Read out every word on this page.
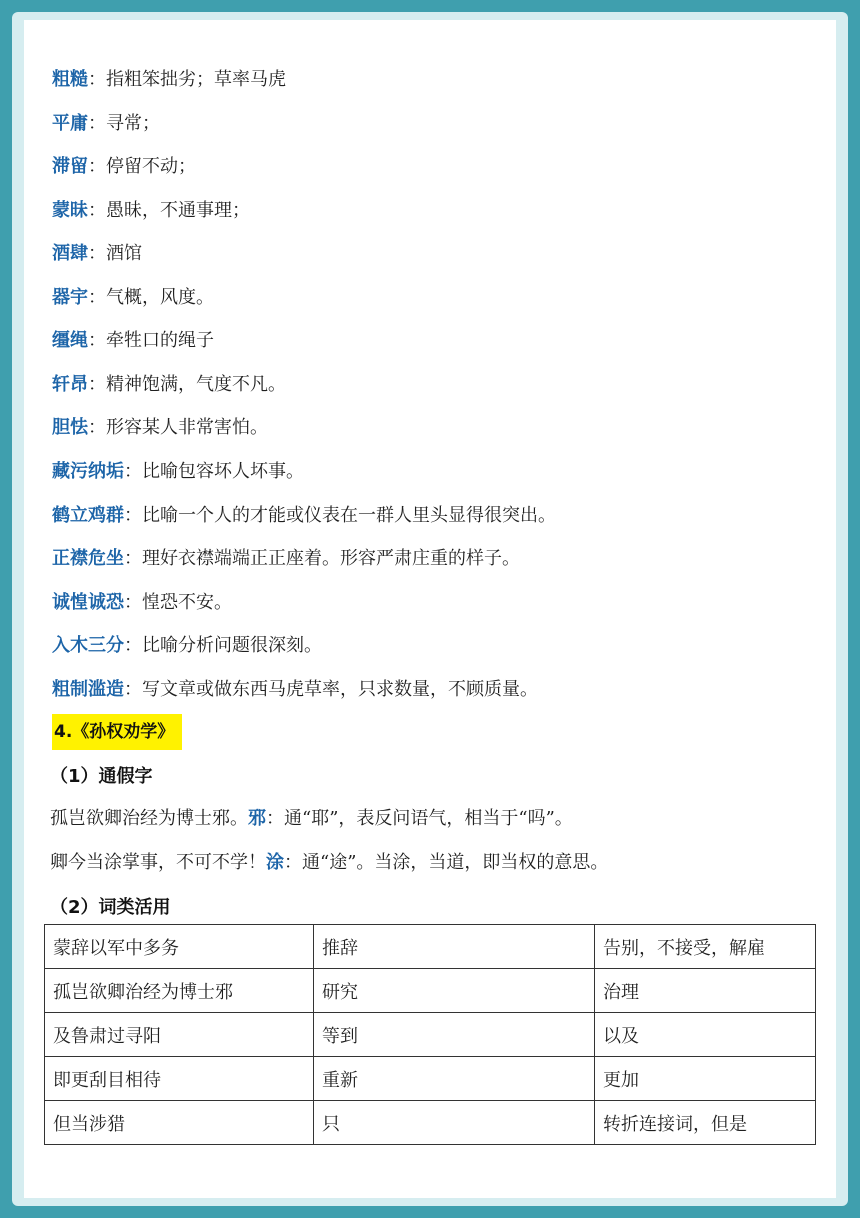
粗糙：指粗笨拙劣；草率马虎
平庸：寻常；
滞留：停留不动；
蒙昧：愚昧，不通事理；
酒肆：酒馆
器宇：气概，风度。
缰绳：牵牲口的绳子
轩昂：精神饱满，气度不凡。
胆怯：形容某人非常害怕。
藏污纳垢：比喻包容坏人坏事。
鹤立鸡群：比喻一个人的才能或仪表在一群人里头显得很突出。
正襟危坐：理好衣襟端端正正座着。形容严肃庄重的样子。
诚惶诚恐：惶恐不安。
入木三分：比喻分析问题很深刻。
粗制滥造：写文章或做东西马虎草率，只求数量，不顾质量。
4.《孙权劝学》
（1）通假字
孤岂欲卿治经为博士邪。邪：通“耶”，表反问语气，相当于“吗”。
卿今当涂掌事，不可不学！涂：通“途”。当涂，当道，即当权的意思。
（2）词类活用
蒙辞以军中多务	推辞	告别，不接受，解雇
孤岂欲卿治经为博士邪	研究	治理
及鲁肃过寻阳	等到	以及
即更刮目相待	重新	更加
但当涉猎	只	转折连接词，但是
